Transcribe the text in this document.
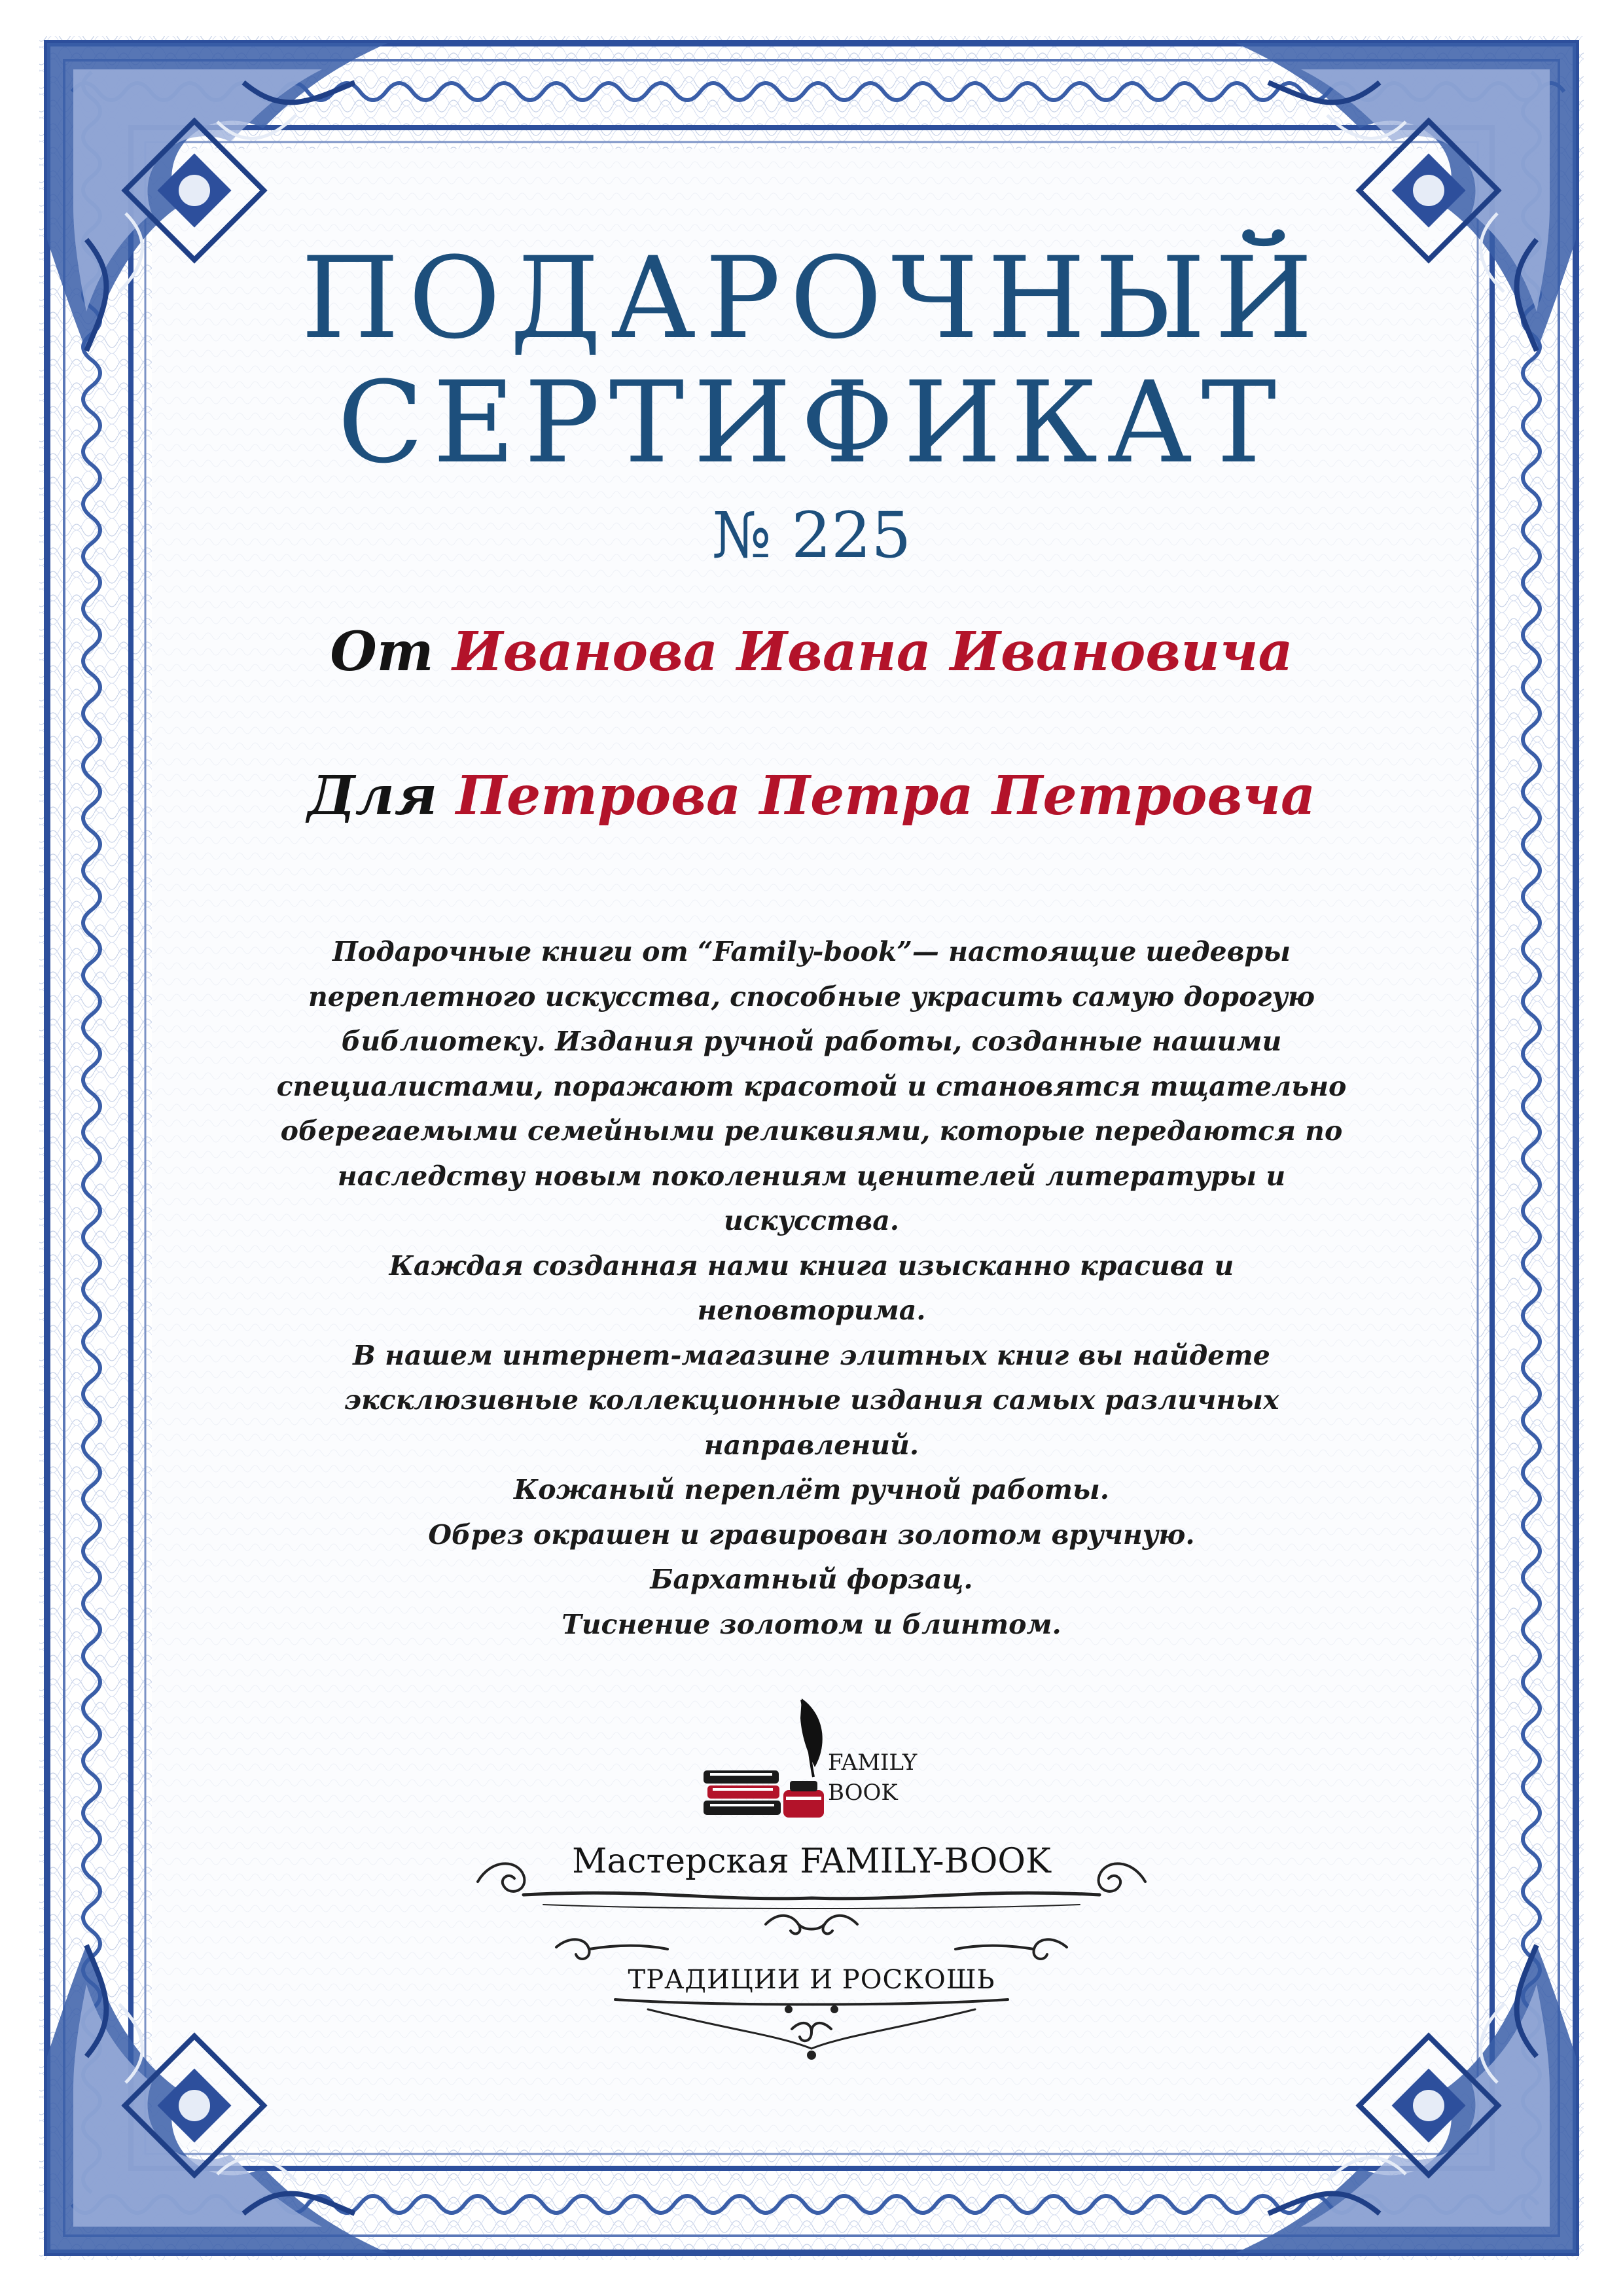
ПОДАРОЧНЫЙ
СЕРТИФИКАТ
№ 225
От Иванова Ивана Ивановича
Для Петрова Петра Петровча

Подарочные книги от “Family-book”— настоящие шедевры

переплетного искусства, способные украсить самую дорогую

библиотеку. Издания ручной работы, созданные нашими

специалистами, поражают красотой и становятся тщательно

оберегаемыми семейными реликвиями, которые передаются по

наследству новым поколениям ценителей литературы и

искусства.

Каждая созданная нами книга изысканно красива и неповторима.

В нашем интернет-магазине элитных книг вы найдете

эксклюзивные коллекционные издания самых различных

направлений.

Кожаный переплёт ручной работы.

Обрез окрашен и гравирован золотом вручную.

Бархатный форзац.

Тиснение золотом и блинтом.

FAMILY
BOOK
Мастерская FAMILY-BOOK
ТРАДИЦИИ И РОСКОШЬ
